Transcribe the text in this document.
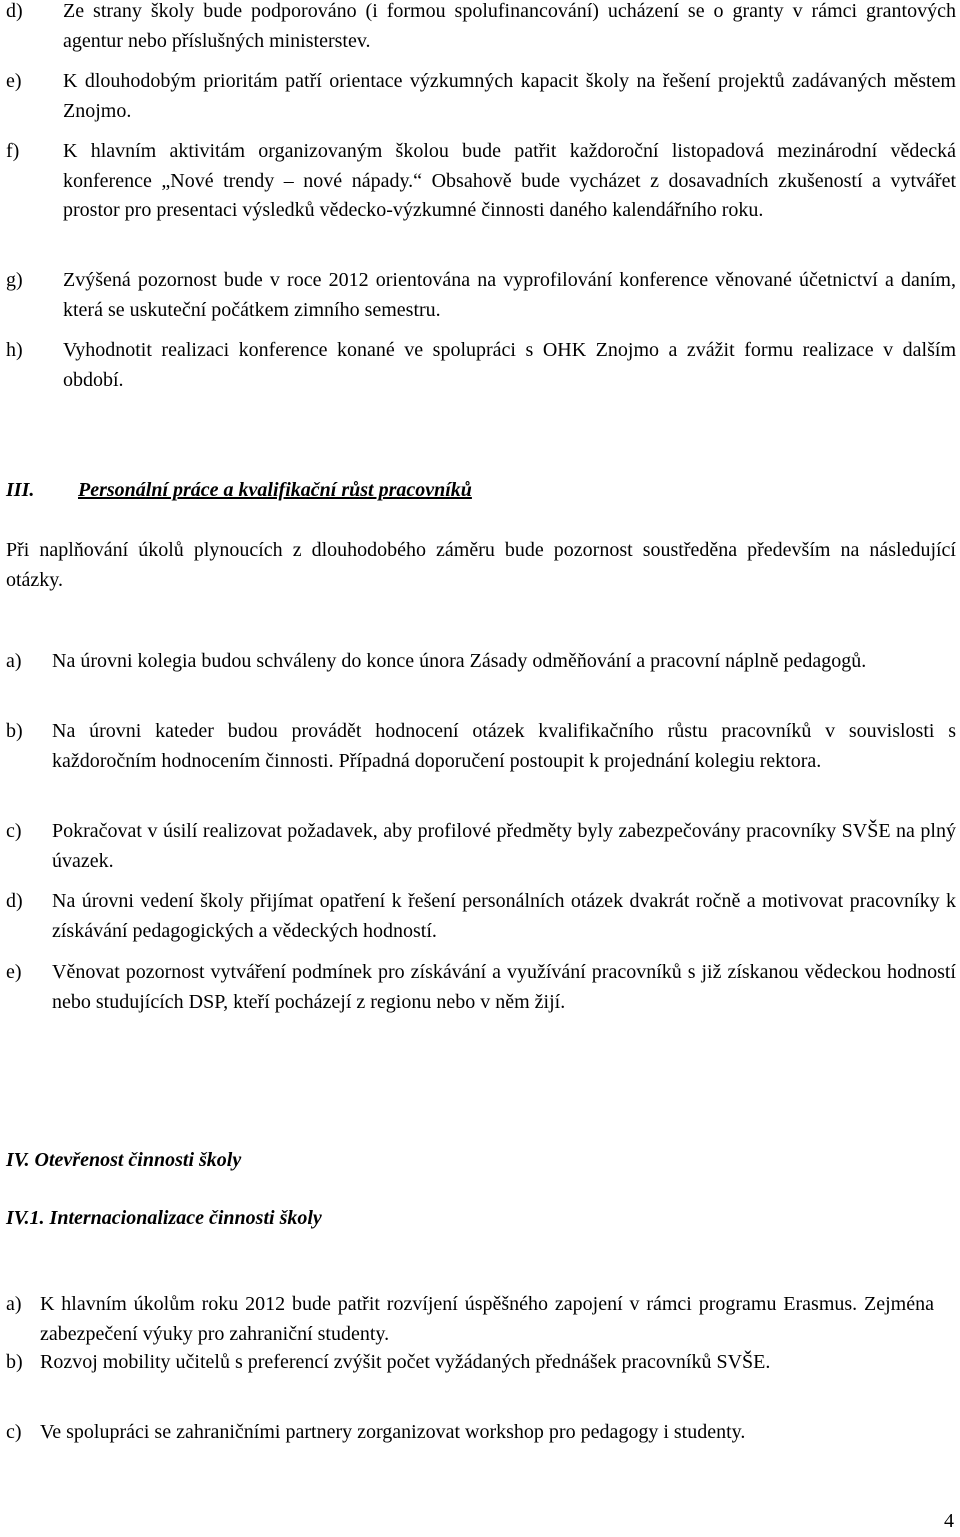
d) Ze strany školy bude podporováno (i formou spolufinancování) ucházení se o granty v rámci grantových agentur nebo příslušných ministerstev.
e) K dlouhodobým prioritám patří orientace výzkumných kapacit školy na řešení projektů zadávaných městem Znojmo.
f) K hlavním aktivitám organizovaným školou bude patřit každoroční listopadová mezinárodní vědecká konference „Nové trendy – nové nápady.“ Obsahově bude vycházet z dosavadních zkušeností a vytvářet prostor pro presentaci výsledků vědecko-výzkumné činnosti daného kalendářního roku.
g) Zvýšená pozornost bude v roce 2012 orientována na vyprofilování konference věnované účetnictví a daním, která se uskuteční počátkem zimního semestru.
h) Vyhodnotit realizaci konference konané ve spolupráci s OHK Znojmo a zvážit formu realizace v dalším období.
III. Personální práce a kvalifikační růst pracovníků
Při naplňování úkolů plynoucích z dlouhodobého záměru bude pozornost soustředěna především na následující otázky.
a) Na úrovni kolegia budou schváleny do konce února Zásady odměňování a pracovní náplně pedagogů.
b) Na úrovni kateder budou provádět hodnocení otázek kvalifikačního růstu pracovníků v souvislosti s každoročním hodnocením činnosti. Případná doporučení postoupit k projednání kolegiu rektora.
c) Pokračovat v úsilí realizovat požadavek, aby profilové předměty byly zabezpečovány pracovníky SVŠE na plný úvazek.
d) Na úrovni vedení školy přijímat opatření k řešení personálních otázek dvakrát ročně a motivovat pracovníky k získávání pedagogických a vědeckých hodností.
e) Věnovat pozornost vytváření podmínek pro získávání a využívání pracovníků s již získanou vědeckou hodností nebo studujících DSP, kteří pocházejí z regionu nebo v něm žijí.
IV. Otevřenost činnosti školy
IV.1. Internacionalizace činnosti školy
a) K hlavním úkolům roku 2012 bude patřit rozvíjení úspěšného zapojení v rámci programu Erasmus. Zejména zabezpečení výuky pro zahraniční studenty.
b) Rozvoj mobility učitelů s preferencí zvýšit počet vyžádaných přednášek pracovníků SVŠE.
c) Ve spolupráci se zahraničními partnery zorganizovat workshop pro pedagogy i studenty.
4
